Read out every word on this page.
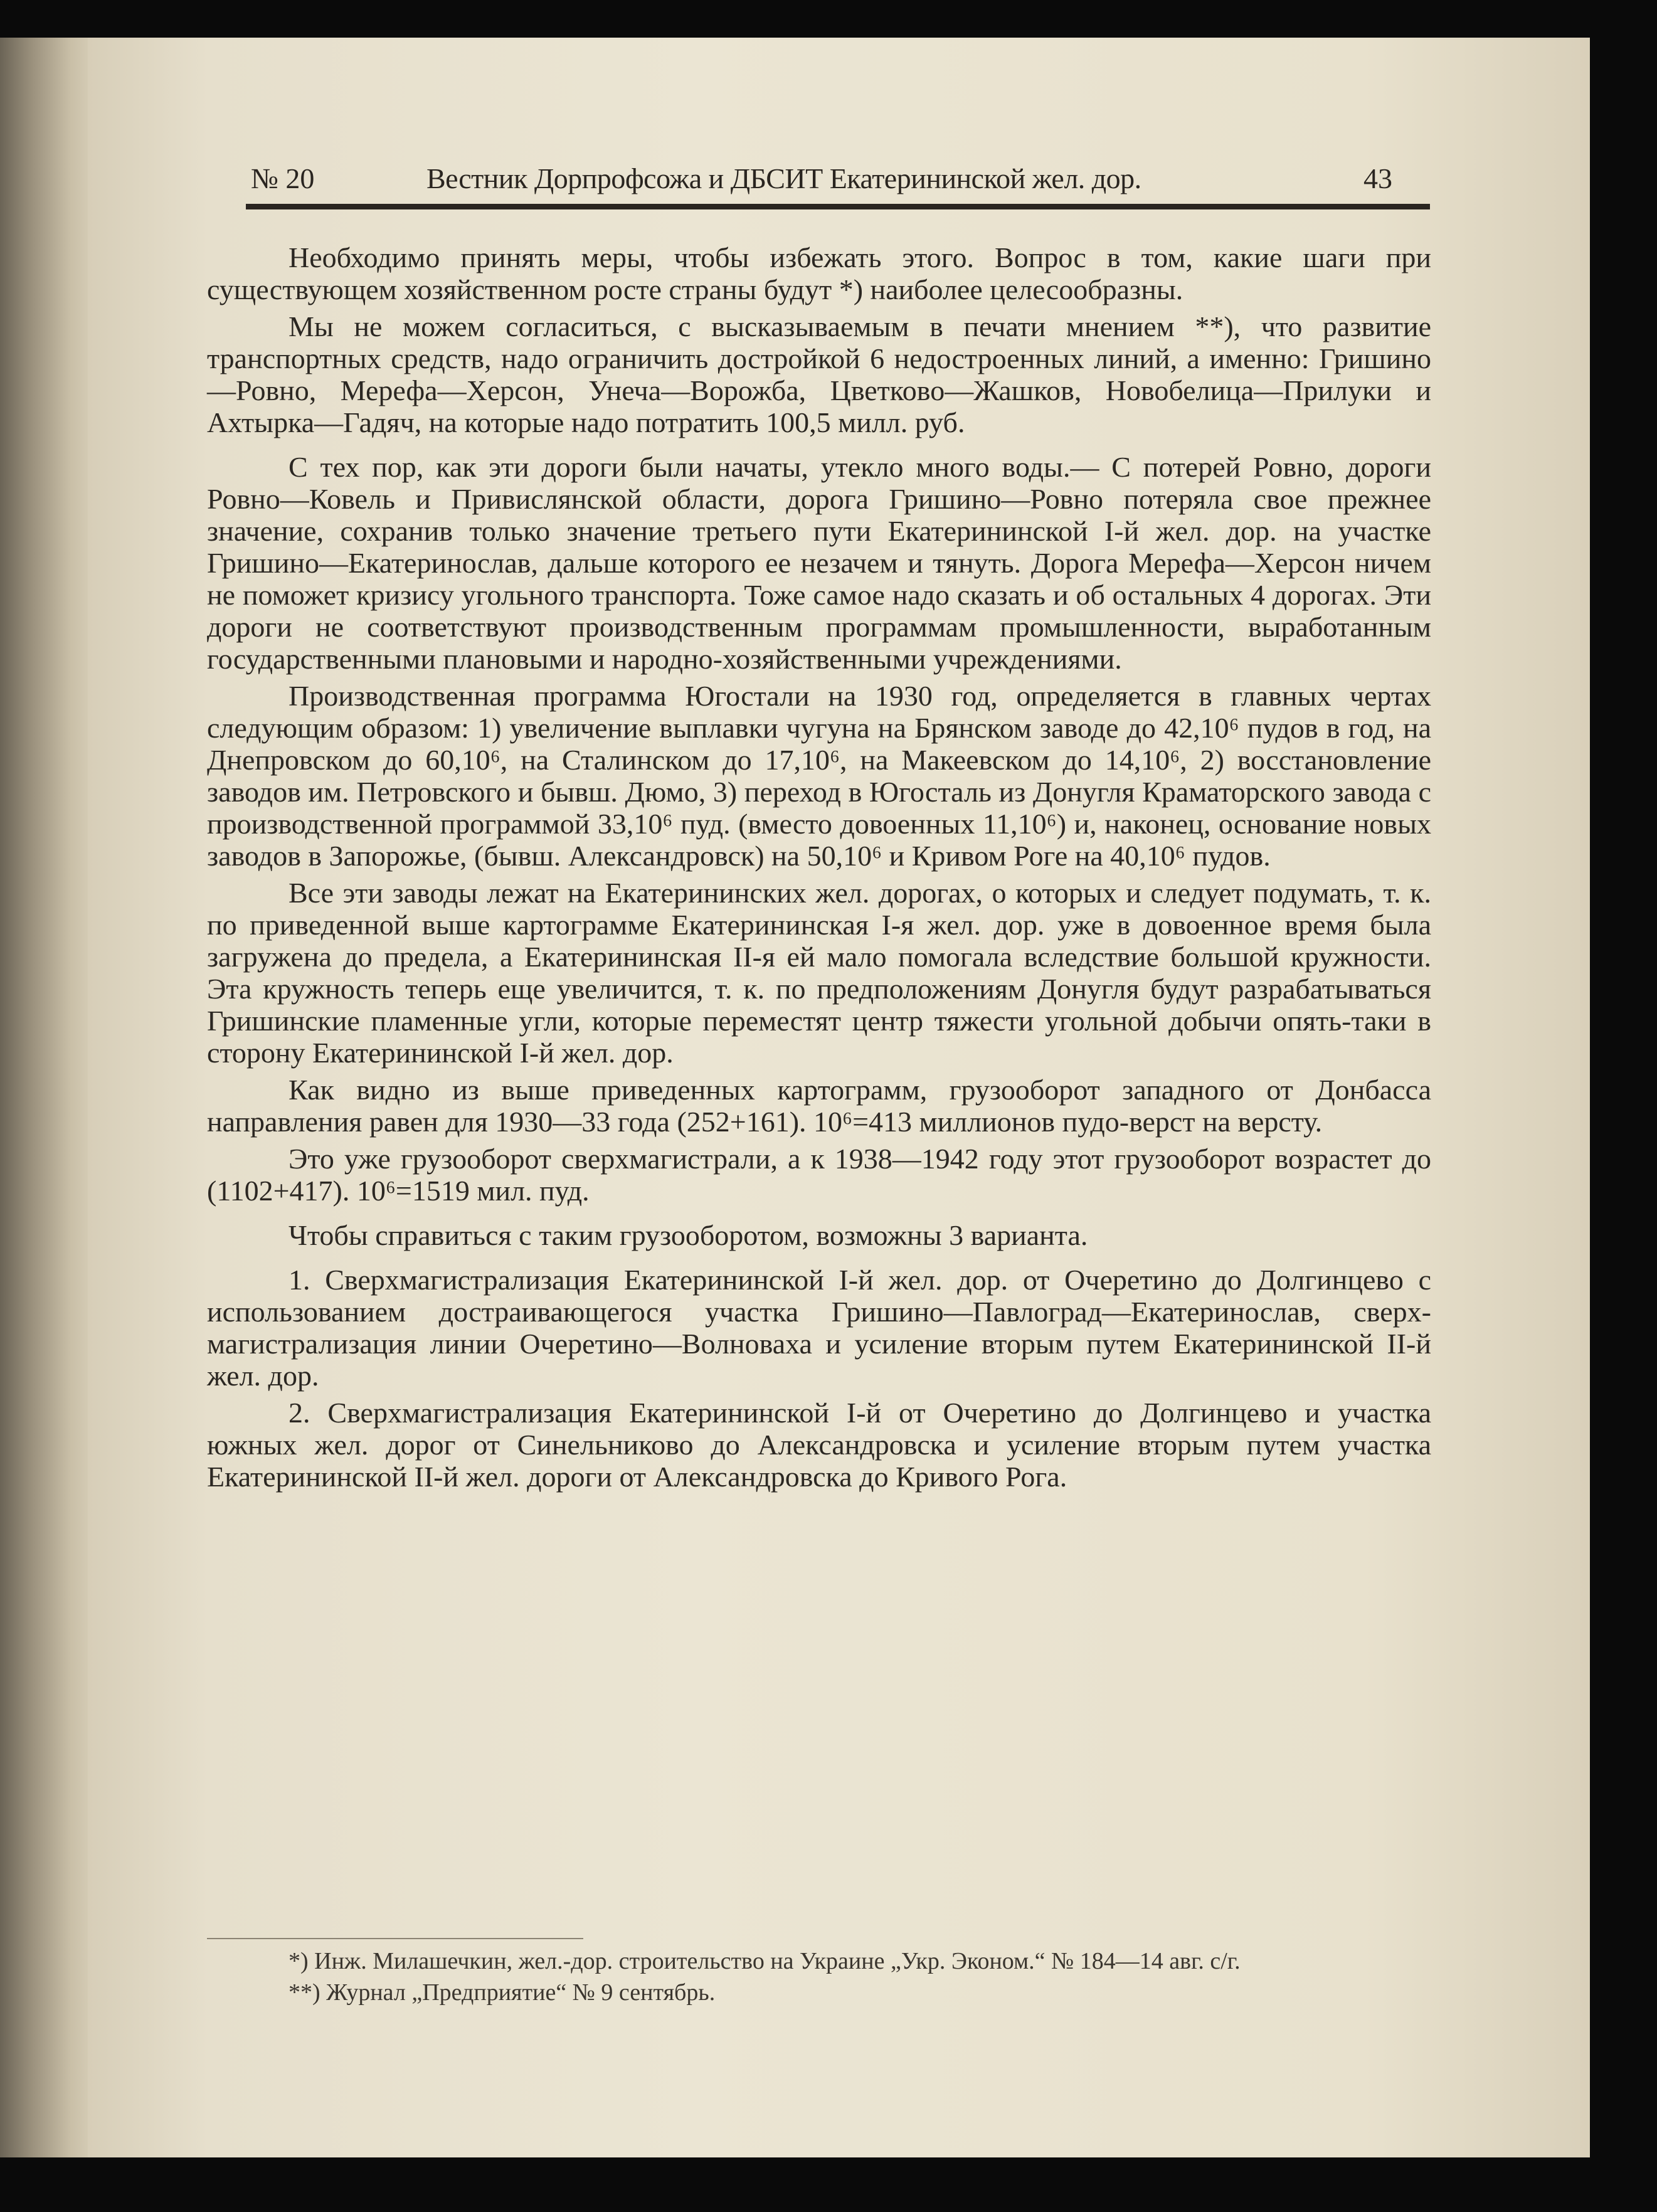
№ 20	Вестник Дорпрофсожа и ДБСИТ Екатерининской жел. дор.	43

Необходимо принять меры, чтобы избежать этого. Вопрос в том, какие шаги при существующем хозяйственном росте страны будут *) наиболее целесообразны.

Мы не можем согласиться, с высказываемым в печати мнением **), что развитие транспортных средств, надо ограничить достройкой 6 недостроенных линий, а именно: Гришино—Ровно, Мерефа—Херсон, Унеча—Ворожба, Цветково—Жашков, Новобелица—Прилуки и Ахтырка—Гадяч, на которые надо потратить 100,5 милл. руб.

С тех пор, как эти дороги были начаты, утекло много воды.— С потерей Ровно, дороги Ровно—Ковель и Привислянской области, дорога Гришино—Ровно потеряла свое прежнее значение, сохранив только значение третьего пути Екатерининской I-й жел. дор. на участке Гришино—Екатеринослав, дальше которого ее незачем и тянуть. Дорога Мерефа—Херсон ничем не поможет кризису угольного транспорта. Тоже самое надо сказать и об остальных 4 дорогах. Эти дороги не соответствуют производственным программам промышленности, выработанным государственными плановыми и народно-хозяйственными учреждениями.

Производственная программа Югостали на 1930 год, определяется в главных чертах следующим образом: 1) увеличение выплавки чугуна на Брянском заводе до 42,10⁶ пудов в год, на Днепровском до 60,10⁶, на Сталинском до 17,10⁶, на Макеевском до 14,10⁶, 2) восстановление заводов им. Петровского и бывш. Дюмо, 3) переход в Югосталь из Донугля Краматорского завода с производственной программой 33,10⁶ пуд. (вместо довоенных 11,10⁶) и, наконец, основание новых заводов в Запорожье, (бывш. Александровск) на 50,10⁶ и Кривом Роге на 40,10⁶ пудов.

Все эти заводы лежат на Екатерининских жел. дорогах, о которых и следует подумать, т. к. по приведенной выше картограмме Екатерининская I-я жел. дор. уже в довоенное время была загружена до предела, а Екатерининская II-я ей мало помогала вследствие большой кружности. Эта кружность теперь еще увеличится, т. к. по предположениям Донугля будут разрабатываться Гришинские пламенные угли, которые переместят центр тяжести угольной добычи опять-таки в сторону Екатерининской I-й жел. дор.

Как видно из выше приведенных картограмм, грузооборот западного от Донбасса направления равен для 1930—33 года (252+161). 10⁶=413 миллионов пудо-верст на версту.

Это уже грузооборот сверхмагистрали, а к 1938—1942 году этот грузооборот возрастет до (1102+417). 10⁶=1519 мил. пуд.

Чтобы справиться с таким грузооборотом, возможны 3 варианта.

1. Сверхмагистрализация Екатерининской I-й жел. дор. от Очеретино до Долгинцево с использованием достраивающегося участка Гришино—Павлоград—Екатеринослав, сверх-магистрализация линии Очеретино—Волноваха и усиление вторым путем Екатерининской II-й жел. дор.

2. Сверхмагистрализация Екатерининской I-й от Очеретино до Долгинцево и участка южных жел. дорог от Синельниково до Александровска и усиление вторым путем участка Екатерининской II-й жел. дороги от Александровска до Кривого Рога.

*) Инж. Милашечкин, жел.-дор. строительство на Украине „Укр. Эконом.“ № 184—14 авг. с/г.

**) Журнал „Предприятие“ № 9 сентябрь.
